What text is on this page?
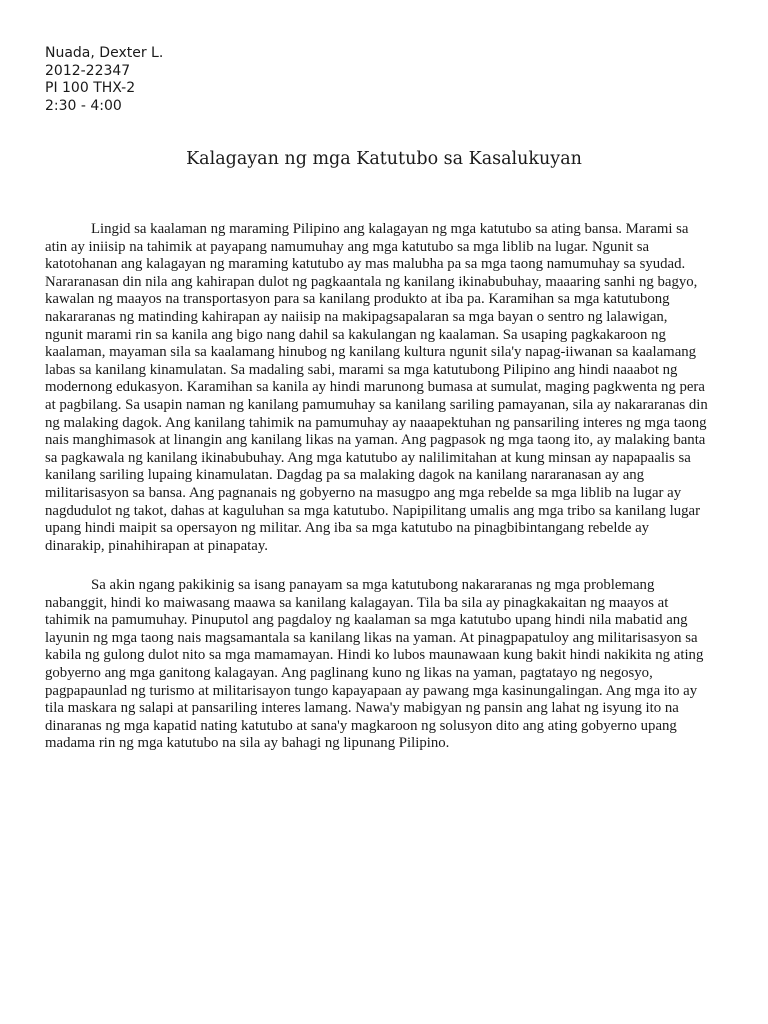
Nuada, Dexter L.
2012-22347
PI 100 THX-2
2:30 - 4:00
Kalagayan ng mga Katutubo sa Kasalukuyan

Lingid sa kaalaman ng maraming Pilipino ang kalagayan ng mga katutubo sa ating bansa. Marami sa
atin ay iniisip na tahimik at payapang namumuhay ang mga katutubo sa mga liblib na lugar. Ngunit sa
katotohanan ang kalagayan ng maraming katutubo ay mas malubha pa sa mga taong namumuhay sa syudad.
Nararanasan din nila ang kahirapan dulot ng pagkaantala ng kanilang ikinabubuhay, maaaring sanhi ng bagyo,
kawalan ng maayos na transportasyon para sa kanilang produkto at iba pa. Karamihan sa mga katutubong
nakararanas ng matinding kahirapan ay naiisip na makipagsapalaran sa mga bayan o sentro ng lalawigan,
ngunit marami rin sa kanila ang bigo nang dahil sa kakulangan ng kaalaman. Sa usaping pagkakaroon ng
kaalaman, mayaman sila sa kaalamang hinubog ng kanilang kultura ngunit sila'y napag-iiwanan sa kaalamang
labas sa kanilang kinamulatan. Sa madaling sabi, marami sa mga katutubong Pilipino ang hindi naaabot ng
modernong edukasyon. Karamihan sa kanila ay hindi marunong bumasa at sumulat, maging pagkwenta ng pera
at pagbilang. Sa usapin naman ng kanilang pamumuhay sa kanilang sariling pamayanan, sila ay nakararanas din
ng malaking dagok. Ang kanilang tahimik na pamumuhay ay naaapektuhan ng pansariling interes ng mga taong
nais manghimasok at linangin ang kanilang likas na yaman. Ang pagpasok ng mga taong ito, ay malaking banta
sa pagkawala ng kanilang ikinabubuhay. Ang mga katutubo ay nalilimitahan at kung minsan ay napapaalis sa
kanilang sariling lupaing kinamulatan. Dagdag pa sa malaking dagok na kanilang nararanasan ay ang
militarisasyon sa bansa. Ang pagnanais ng gobyerno na masugpo ang mga rebelde sa mga liblib na lugar ay
nagdudulot ng takot, dahas at kaguluhan sa mga katutubo. Napipilitang umalis ang mga tribo sa kanilang lugar
upang hindi maipit sa opersayon ng militar. Ang iba sa mga katutubo na pinagbibintangang rebelde ay
dinarakip, pinahihirapan at pinapatay.

Sa akin ngang pakikinig sa isang panayam sa mga katutubong nakararanas ng mga problemang
nabanggit, hindi ko maiwasang maawa sa kanilang kalagayan. Tila ba sila ay pinagkakaitan ng maayos at
tahimik na pamumuhay. Pinuputol ang pagdaloy ng kaalaman sa mga katutubo upang hindi nila mabatid ang
layunin ng mga taong nais magsamantala sa kanilang likas na yaman. At pinagpapatuloy ang militarisasyon sa
kabila ng gulong dulot nito sa mga mamamayan. Hindi ko lubos maunawaan kung bakit hindi nakikita ng ating
gobyerno ang mga ganitong kalagayan. Ang paglinang kuno ng likas na yaman, pagtatayo ng negosyo,
pagpapaunlad ng turismo at militarisayon tungo kapayapaan ay pawang mga kasinungalingan. Ang mga ito ay
tila maskara ng salapi at pansariling interes lamang. Nawa'y mabigyan ng pansin ang lahat ng isyung ito na
dinaranas ng mga kapatid nating katutubo at sana'y magkaroon ng solusyon dito ang ating gobyerno upang
madama rin ng mga katutubo na sila ay bahagi ng lipunang Pilipino.
